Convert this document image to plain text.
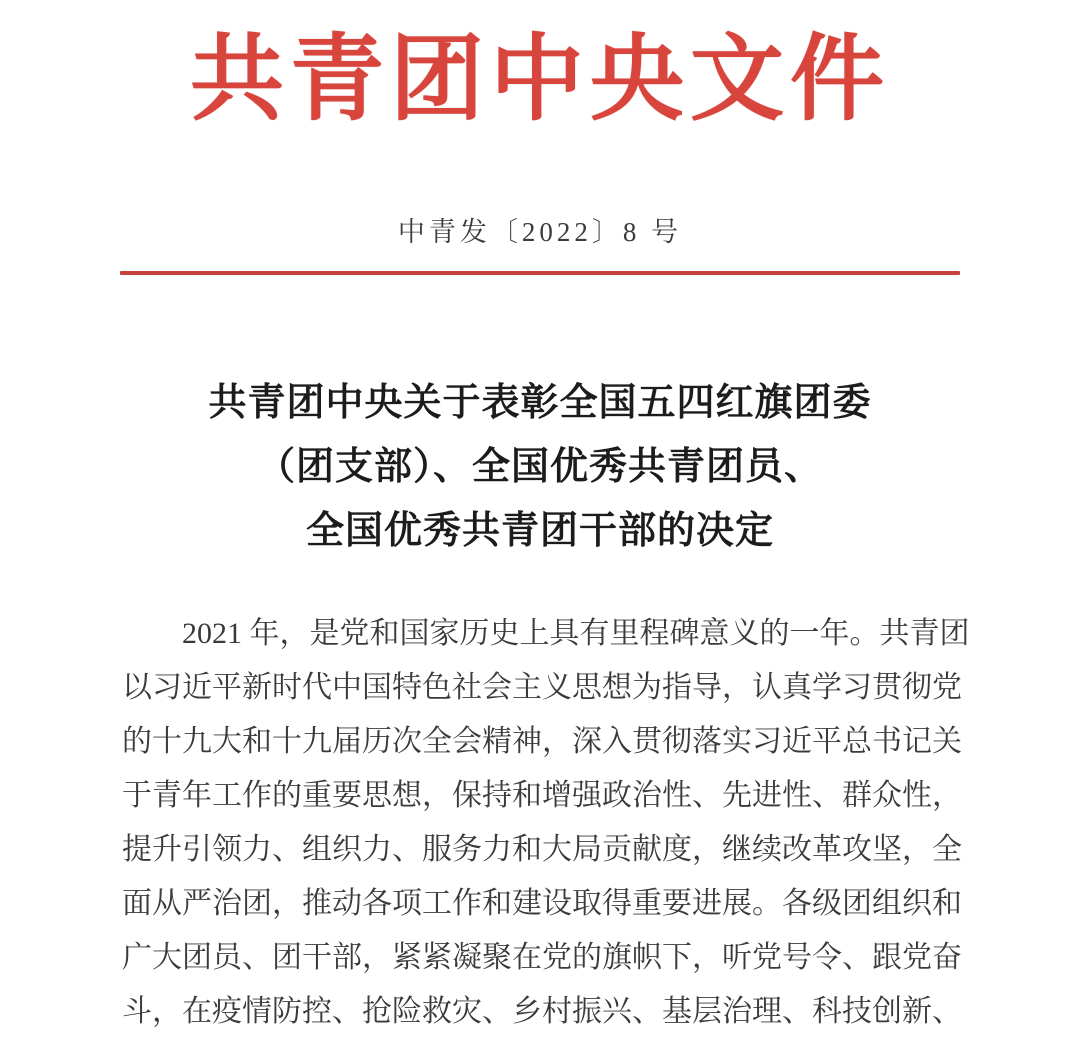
共青团中央文件
中青发〔2022〕8 号
共青团中央关于表彰全国五四红旗团委
（团支部）、全国优秀共青团员、
全国优秀共青团干部的决定
2021 年，是党和国家历史上具有里程碑意义的一年。共青团
以习近平新时代中国特色社会主义思想为指导，认真学习贯彻党
的十九大和十九届历次全会精神，深入贯彻落实习近平总书记关
于青年工作的重要思想，保持和增强政治性、先进性、群众性，
提升引领力、组织力、服务力和大局贡献度，继续改革攻坚，全
面从严治团，推动各项工作和建设取得重要进展。各级团组织和
广大团员、团干部，紧紧凝聚在党的旗帜下，听党号令、跟党奋
斗，在疫情防控、抢险救灾、乡村振兴、基层治理、科技创新、
